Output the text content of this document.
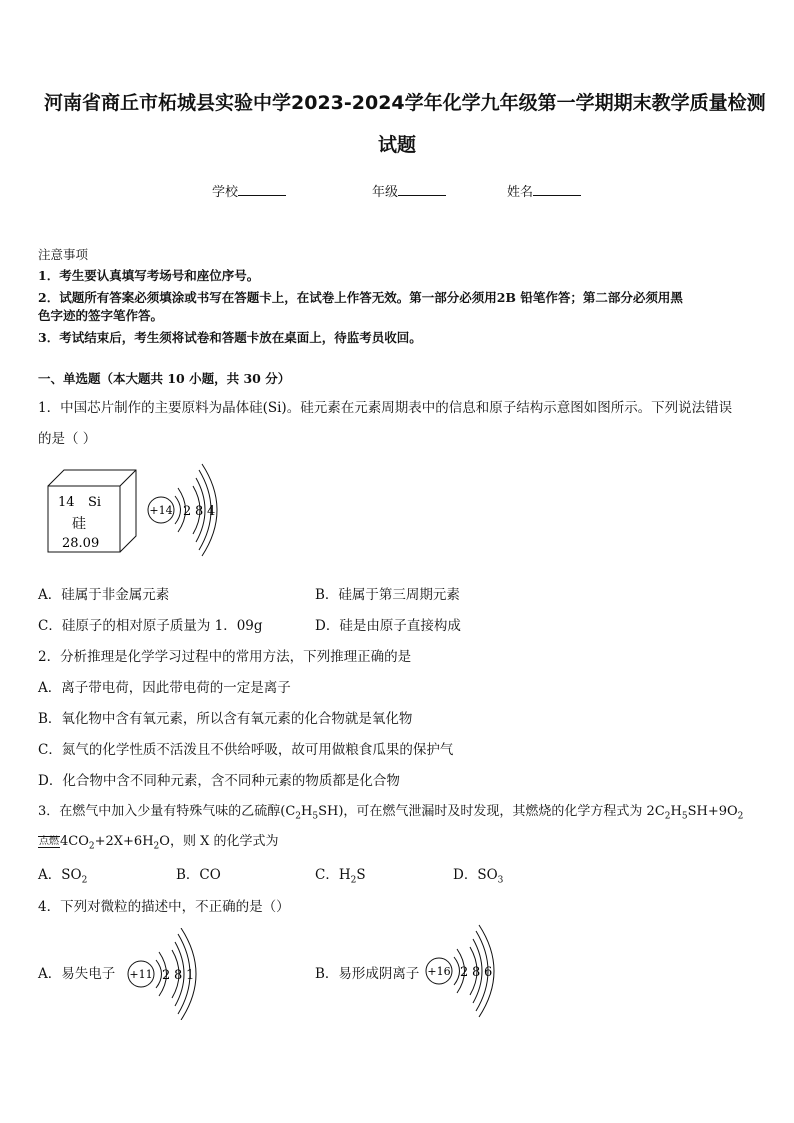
河南省商丘市柘城县实验中学2023-2024学年化学九年级第一学期期末教学质量检测
试题
学校	年级	姓名
注意事项
1．考生要认真填写考场号和座位序号。
2．试题所有答案必须填涂或书写在答题卡上，在试卷上作答无效。第一部分必须用2B 铅笔作答；第二部分必须用黑
色字迹的签字笔作答。
3．考试结束后，考生须将试卷和答题卡放在桌面上，待监考员收回。
一、单选题（本大题共 10 小题，共 30 分）
1．中国芯片制作的主要原料为晶体硅(Si)。硅元素在元素周期表中的信息和原子结构示意图如图所示。下列说法错误
的是（ ）
14 Si
硅
28.09
+14 2 8 4
A．硅属于非金属元素	B．硅属于第三周期元素
C．硅原子的相对原子质量为 1．09g	D．硅是由原子直接构成
2．分析推理是化学学习过程中的常用方法，下列推理正确的是
A．离子带电荷，因此带电荷的一定是离子
B．氧化物中含有氧元素，所以含有氧元素的化合物就是氧化物
C．氮气的化学性质不活泼且不供给呼吸，故可用做粮食瓜果的保护气
D．化合物中含不同种元素，含不同种元素的物质都是化合物
3．在燃气中加入少量有特殊气味的乙硫醇$(C_2H_5SH)$，可在燃气泄漏时及时发现，其燃烧的化学方程式为 $2C_2H_5SH+9O_2$
点燃$4CO_2+2X+6H_2O$，则 X 的化学式为
A．$SO_2$	B．CO	C．$H_2S$	D．$SO_3$
4．下列对微粒的描述中，不正确的是（）
A．易失电子 +11 2 8 1	B．易形成阴离子 +16 2 8 6
